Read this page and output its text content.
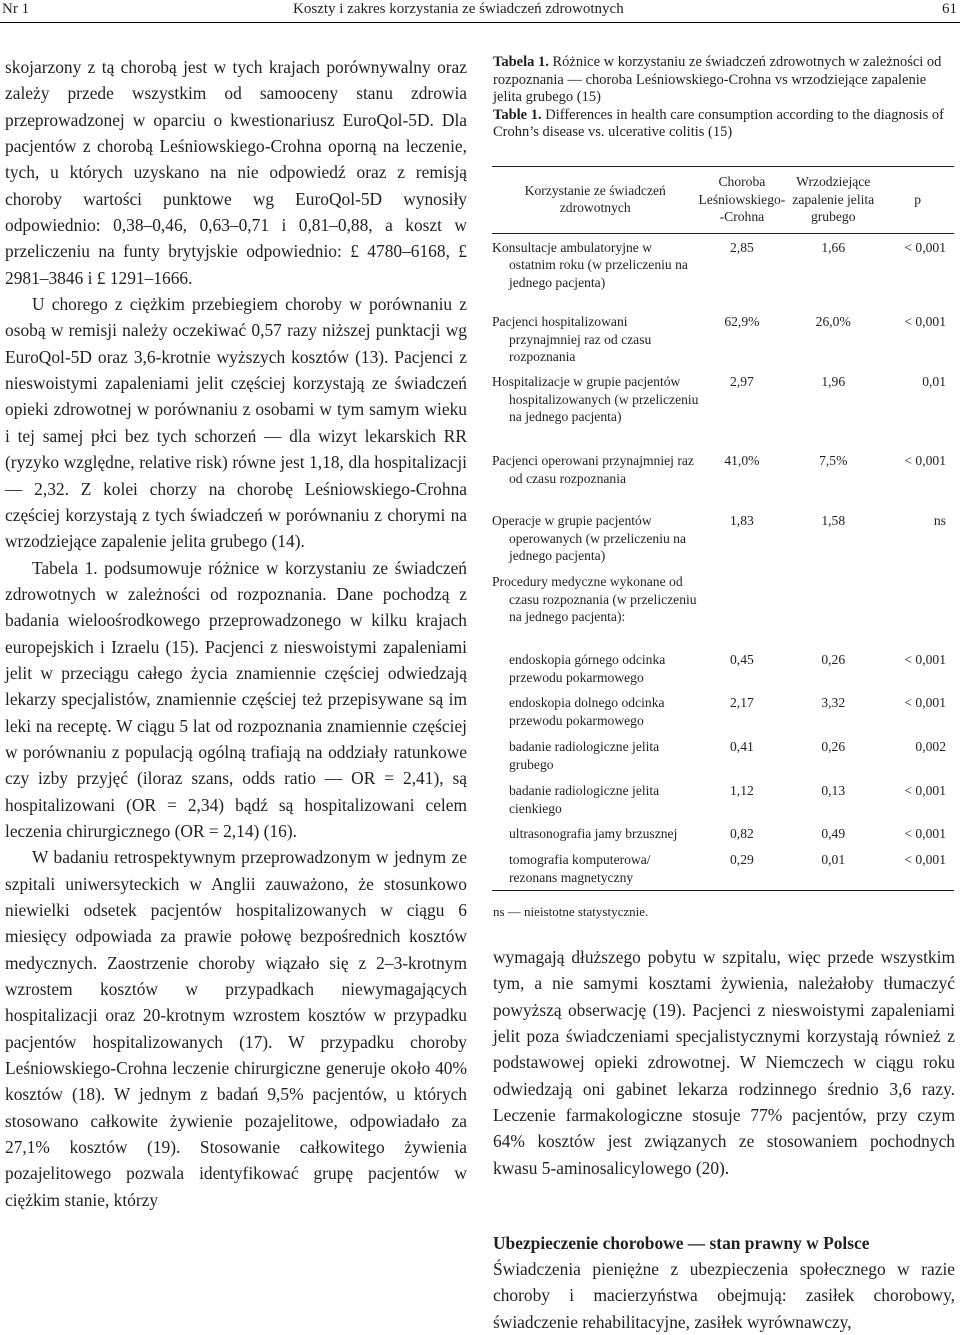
Nr 1	Koszty i zakres korzystania ze świadczeń zdrowotnych	61

skojarzony z tą chorobą jest w tych krajach porównywalny oraz zależy przede wszystkim od samooceny stanu zdrowia przeprowadzonej w oparciu o kwestionariusz EuroQol-5D. Dla pacjentów z chorobą Leśniowskiego-Crohna oporną na leczenie, tych, u których uzyskano na nie odpowiedź oraz z remisją choroby wartości punktowe wg EuroQol-5D wynosiły odpowiednio: 0,38–0,46, 0,63–0,71 i 0,81–0,88, a koszt w przeliczeniu na funty brytyjskie odpowiednio: £ 4780–6168, £ 2981–3846 i £ 1291–1666.

U chorego z ciężkim przebiegiem choroby w porównaniu z osobą w remisji należy oczekiwać 0,57 razy niższej punktacji wg EuroQol-5D oraz 3,6-krotnie wyższych kosztów (13). Pacjenci z nieswoistymi zapaleniami jelit częściej korzystają ze świadczeń opieki zdrowotnej w porównaniu z osobami w tym samym wieku i tej samej płci bez tych schorzeń — dla wizyt lekarskich RR (ryzyko względne, relative risk) równe jest 1,18, dla hospitalizacji — 2,32. Z kolei chorzy na chorobę Leśniowskiego-Crohna częściej korzystają z tych świadczeń w porównaniu z chorymi na wrzodziejące zapalenie jelita grubego (14).

Tabela 1. podsumowuje różnice w korzystaniu ze świadczeń zdrowotnych w zależności od rozpoznania. Dane pochodzą z badania wieloośrodkowego przeprowadzonego w kilku krajach europejskich i Izraelu (15). Pacjenci z nieswoistymi zapaleniami jelit w przeciągu całego życia znamiennie częściej odwiedzają lekarzy specjalistów, znamiennie częściej też przepisywane są im leki na receptę. W ciągu 5 lat od rozpoznania znamiennie częściej w porównaniu z populacją ogólną trafiają na oddziały ratunkowe czy izby przyjęć (iloraz szans, odds ratio — OR = 2,41), są hospitalizowani (OR = 2,34) bądź są hospitalizowani celem leczenia chirurgicznego (OR = 2,14) (16).

W badaniu retrospektywnym przeprowadzonym w jednym ze szpitali uniwersyteckich w Anglii zauważono, że stosunkowo niewielki odsetek pacjentów hospitalizowanych w ciągu 6 miesięcy odpowiada za prawie połowę bezpośrednich kosztów medycznych. Zaostrzenie choroby wiązało się z 2–3-krotnym wzrostem kosztów w przypadkach niewymagających hospitalizacji oraz 20-krotnym wzrostem kosztów w przypadku pacjentów hospitalizowanych (17). W przypadku choroby Leśniowskiego-Crohna leczenie chirurgiczne generuje około 40% kosztów (18). W jednym z badań 9,5% pacjentów, u których stosowano całkowite żywienie pozajelitowe, odpowiadało za 27,1% kosztów (19). Stosowanie całkowitego żywienia pozajelitowego pozwala identyfikować grupę pacjentów w ciężkim stanie, którzy

Tabela 1. Różnice w korzystaniu ze świadczeń zdrowotnych w zależności od rozpoznania — choroba Leśniowskiego-Crohna vs wrzodziejące zapalenie jelita grubego (15)

Table 1. Differences in health care consumption according to the diagnosis of Crohn’s disease vs. ulcerative colitis (15)

Korzystanie ze świadczeń zdrowotnych	Choroba Leśniowskiego--Crohna	Wrzodziejące zapalenie jelita grubego	p
Konsultacje ambulatoryjne w ostatnim roku (w przeliczeniu na jednego pacjenta)	2,85	1,66	< 0,001
Pacjenci hospitalizowani przynajmniej raz od czasu rozpoznania	62,9%	26,0%	< 0,001
Hospitalizacje w grupie pacjentów hospitalizowanych (w przeliczeniu na jednego pacjenta)	2,97	1,96	0,01
Pacjenci operowani przynajmniej raz od czasu rozpoznania	41,0%	7,5%	< 0,001
Operacje w grupie pacjentów operowanych (w przeliczeniu na jednego pacjenta)	1,83	1,58	ns
Procedury medyczne wykonane od czasu rozpoznania (w przeliczeniu na jednego pacjenta):			
endoskopia górnego odcinka przewodu pokarmowego	0,45	0,26	< 0,001
endoskopia dolnego odcinka przewodu pokarmowego	2,17	3,32	< 0,001
badanie radiologiczne jelita grubego	0,41	0,26	0,002
badanie radiologiczne jelita cienkiego	1,12	0,13	< 0,001
ultrasonografia jamy brzusznej	0,82	0,49	< 0,001
tomografia komputerowa/ rezonans magnetyczny	0,29	0,01	< 0,001
ns — nieistotne statystycznie.

wymagają dłuższego pobytu w szpitalu, więc przede wszystkim tym, a nie samymi kosztami żywienia, należałoby tłumaczyć powyższą obserwację (19). Pacjenci z nieswoistymi zapaleniami jelit poza świadczeniami specjalistycznymi korzystają również z podstawowej opieki zdrowotnej. W Niemczech w ciągu roku odwiedzają oni gabinet lekarza rodzinnego średnio 3,6 razy. Leczenie farmakologiczne stosuje 77% pacjentów, przy czym 64% kosztów jest związanych ze stosowaniem pochodnych kwasu 5-aminosalicylowego (20).

Ubezpieczenie chorobowe — stan prawny w Polsce

Świadczenia pieniężne z ubezpieczenia społecznego w razie choroby i macierzyństwa obejmują: zasiłek chorobowy, świadczenie rehabilitacyjne, zasiłek wyrównawczy,
